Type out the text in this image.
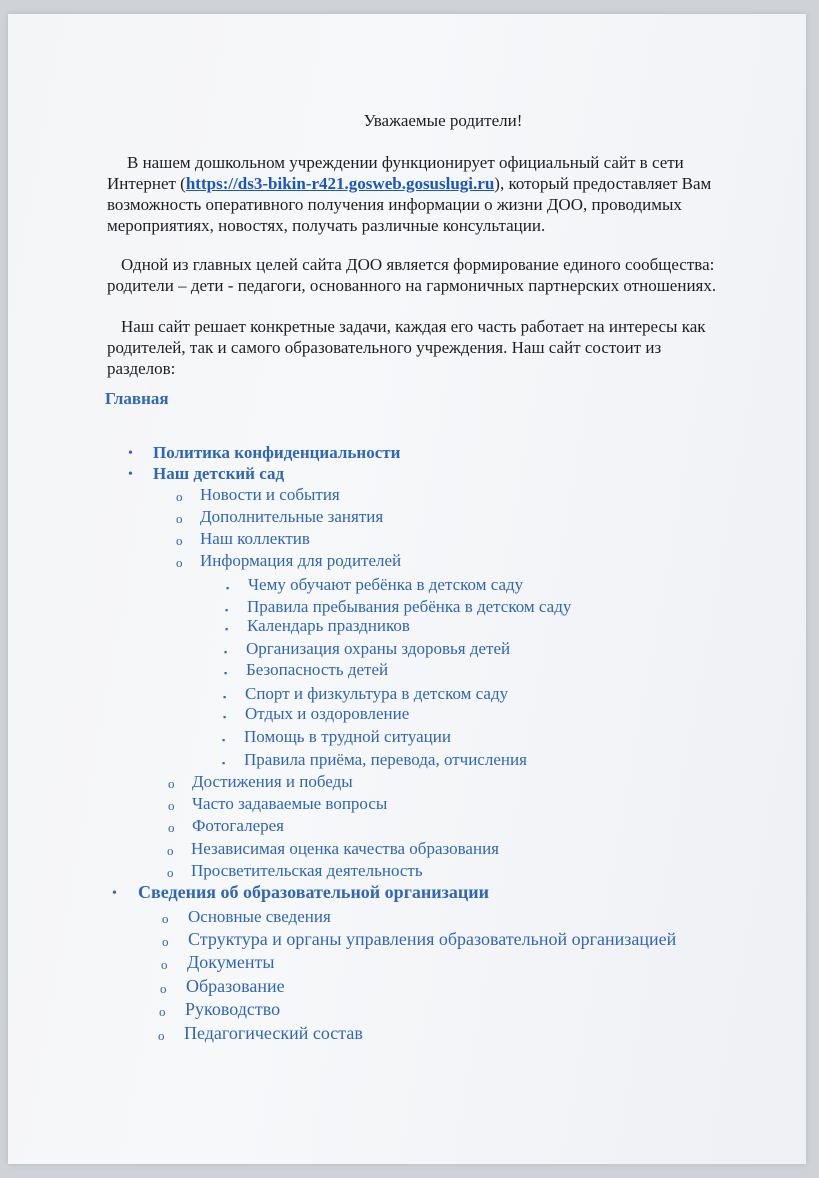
Уважаемые родители!

В нашем дошкольном учреждении функционирует официальный сайт в сети Интернет (https://ds3-bikin-r421.gosweb.gosuslugi.ru), который предоставляет Вам возможность оперативного получения информации о жизни ДОО, проводимых мероприятиях, новостях, получать различные консультации.

Одной из главных целей сайта ДОО является формирование единого сообщества: родители – дети - педагоги, основанного на гармоничных партнерских отношениях.

Наш сайт решает конкретные задачи, каждая его часть работает на интересы как родителей, так и самого образовательного учреждения. Наш сайт состоит из разделов:

Главная
• Политика конфиденциальности
• Наш детский сад
o Новости и события
o Дополнительные занятия
o Наш коллектив
o Информация для родителей
▪ Чему обучают ребёнка в детском саду
▪ Правила пребывания ребёнка в детском саду
▪ Календарь праздников
▪ Организация охраны здоровья детей
▪ Безопасность детей
▪ Спорт и физкультура в детском саду
▪ Отдых и оздоровление
▪ Помощь в трудной ситуации
▪ Правила приёма, перевода, отчисления
o Достижения и победы
o Часто задаваемые вопросы
o Фотогалерея
o Независимая оценка качества образования
o Просветительская деятельность
• Сведения об образовательной организации
o Основные сведения
o Структура и органы управления образовательной организацией
o Документы
o Образование
o Руководство
o Педагогический состав
